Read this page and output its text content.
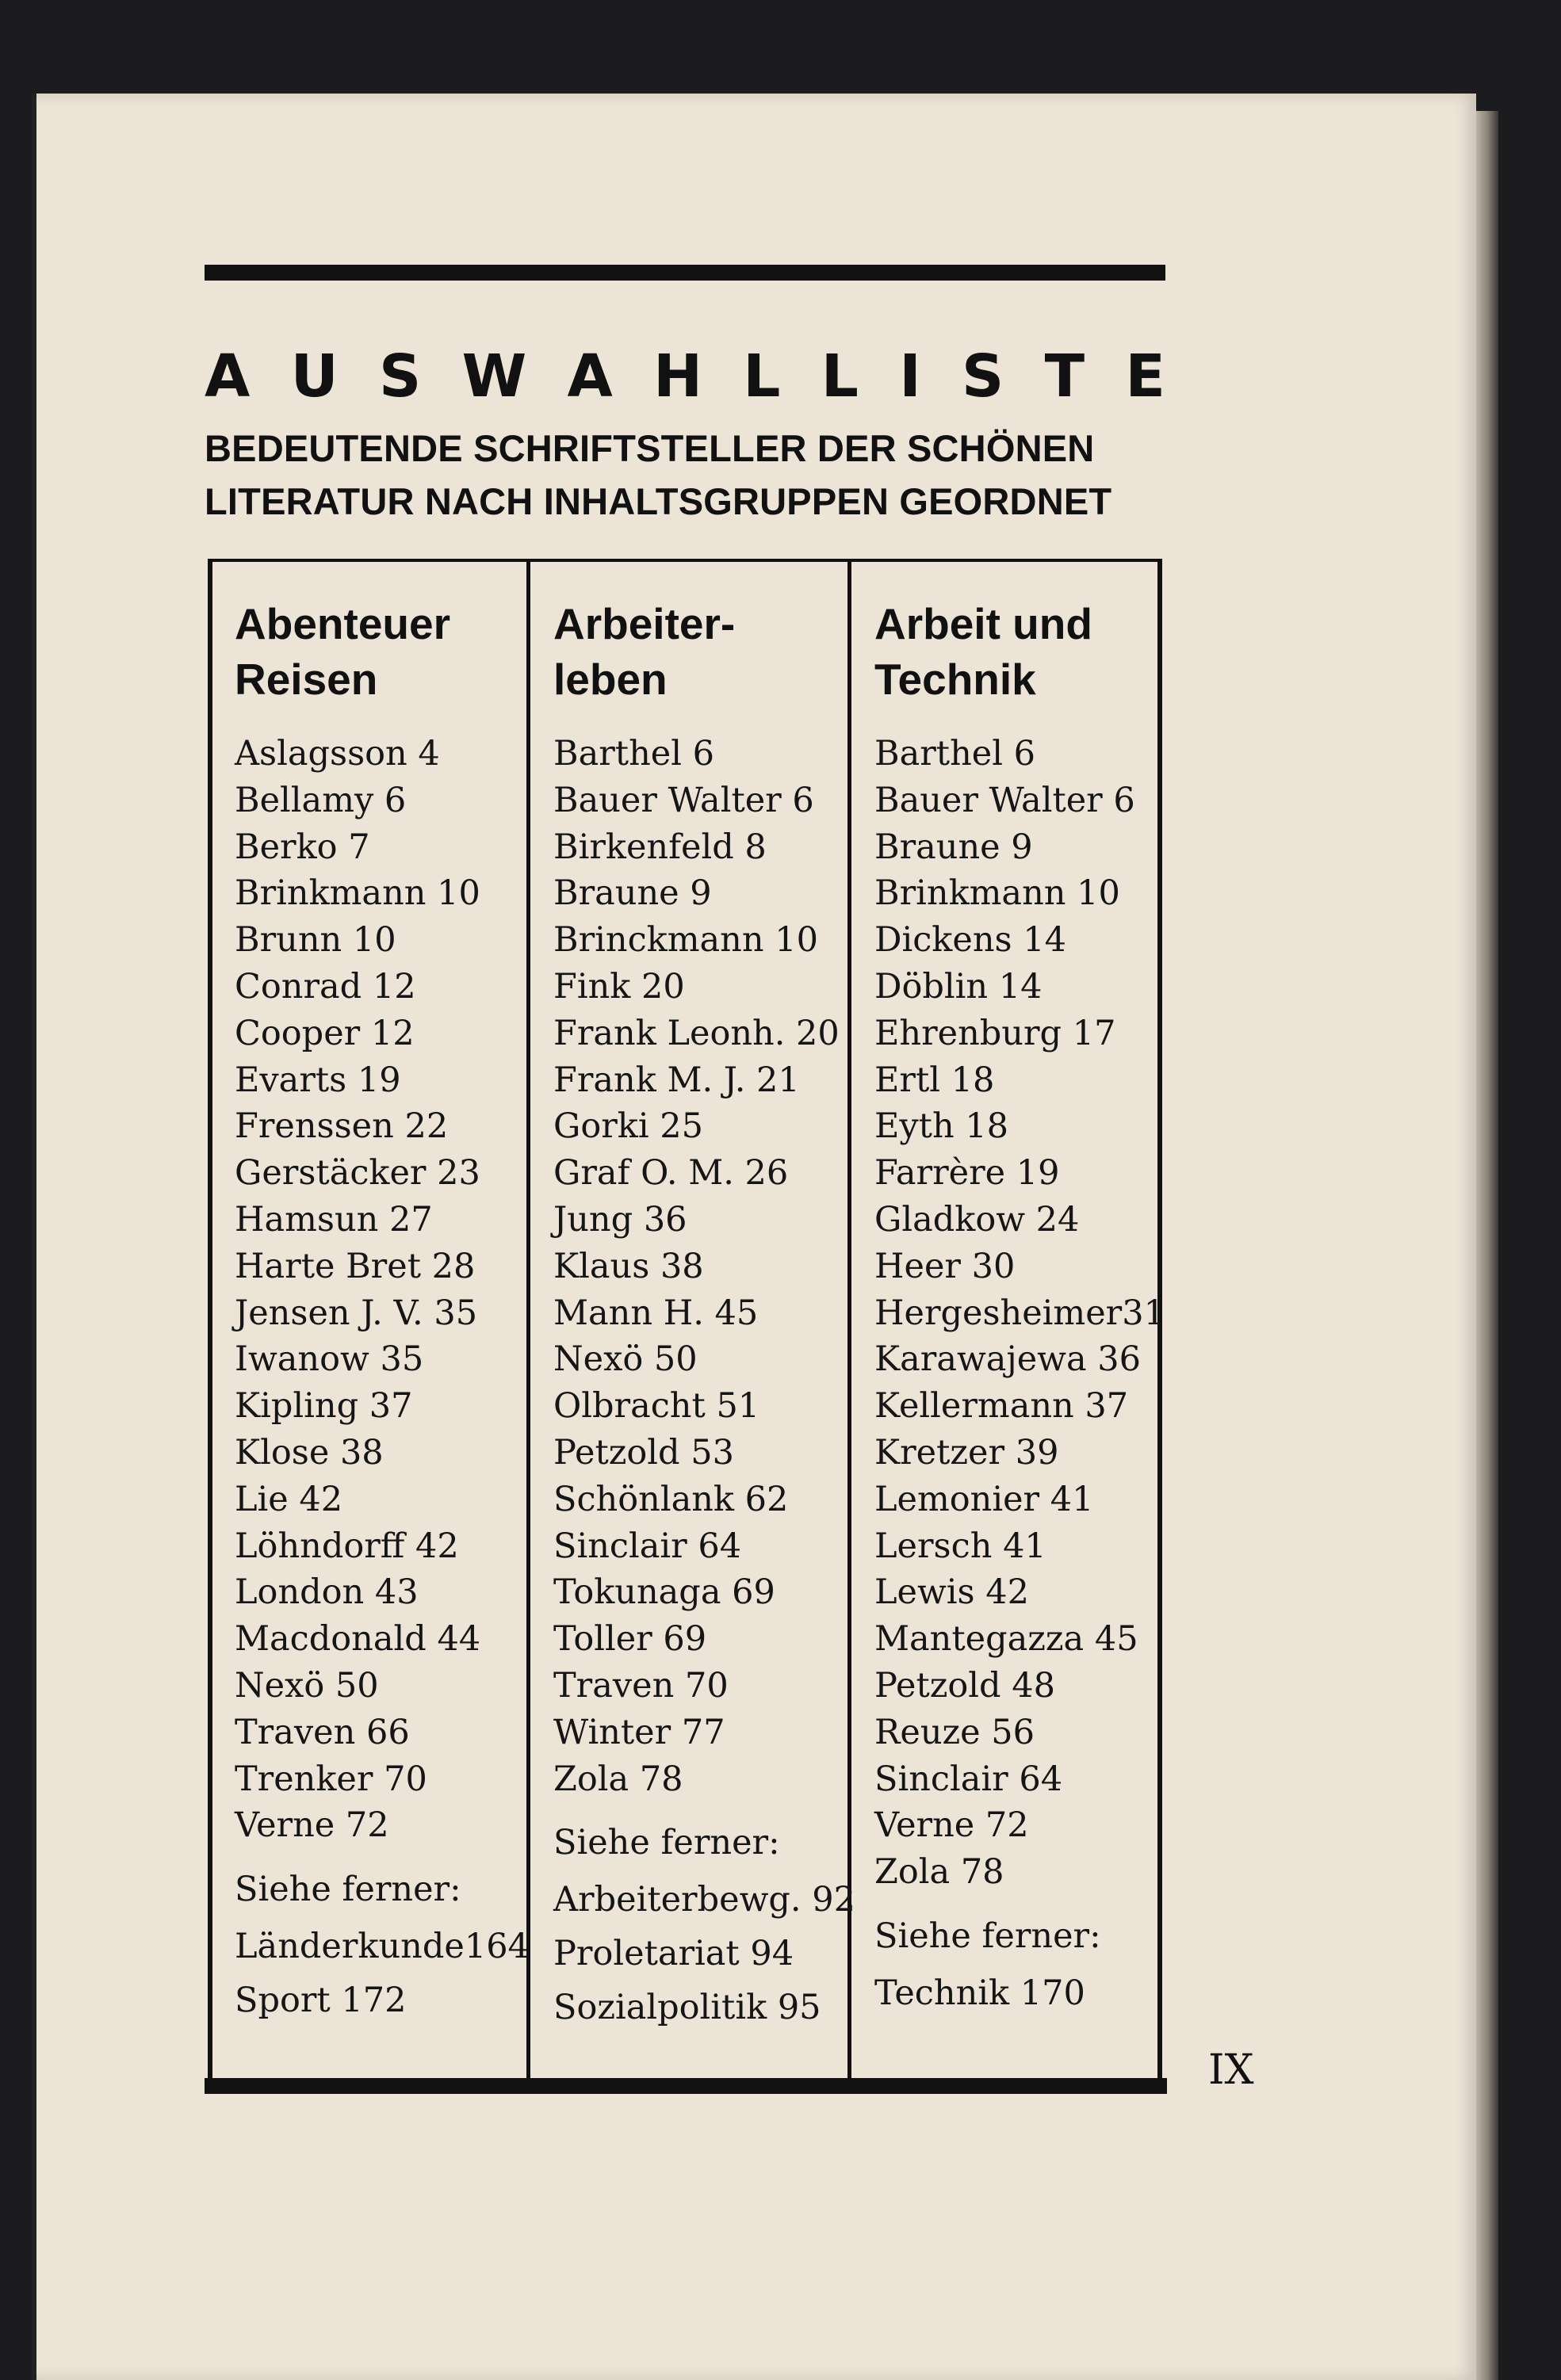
A U S W A H L L I S T E
BEDEUTENDE SCHRIFTSTELLER DER SCHÖNEN
LITERATUR NACH INHALTSGRUPPEN GEORDNET
Abenteuer
Reisen
Aslagsson 4
Bellamy 6
Berko 7
Brinkmann 10
Brunn 10
Conrad 12
Cooper 12
Evarts 19
Frenssen 22
Gerstäcker 23
Hamsun 27
Harte Bret 28
Jensen J. V. 35
Iwanow 35
Kipling 37
Klose 38
Lie 42
Löhndorff 42
London 43
Macdonald 44
Nexö 50
Traven 66
Trenker 70
Verne 72
Siehe ferner:
Länderkunde164
Sport 172
Arbeiter-
leben
Barthel 6
Bauer Walter 6
Birkenfeld 8
Braune 9
Brinckmann 10
Fink 20
Frank Leonh. 20
Frank M. J. 21
Gorki 25
Graf O. M. 26
Jung 36
Klaus 38
Mann H. 45
Nexö 50
Olbracht 51
Petzold 53
Schönlank 62
Sinclair 64
Tokunaga 69
Toller 69
Traven 70
Winter 77
Zola 78
Siehe ferner:
Arbeiterbewg. 92
Proletariat 94
Sozialpolitik 95
Arbeit und
Technik
Barthel 6
Bauer Walter 6
Braune 9
Brinkmann 10
Dickens 14
Döblin 14
Ehrenburg 17
Ertl 18
Eyth 18
Farrère 19
Gladkow 24
Heer 30
Hergesheimer31
Karawajewa 36
Kellermann 37
Kretzer 39
Lemonier 41
Lersch 41
Lewis 42
Mantegazza 45
Petzold 48
Reuze 56
Sinclair 64
Verne 72
Zola 78
Siehe ferner:
Technik 170
IX
